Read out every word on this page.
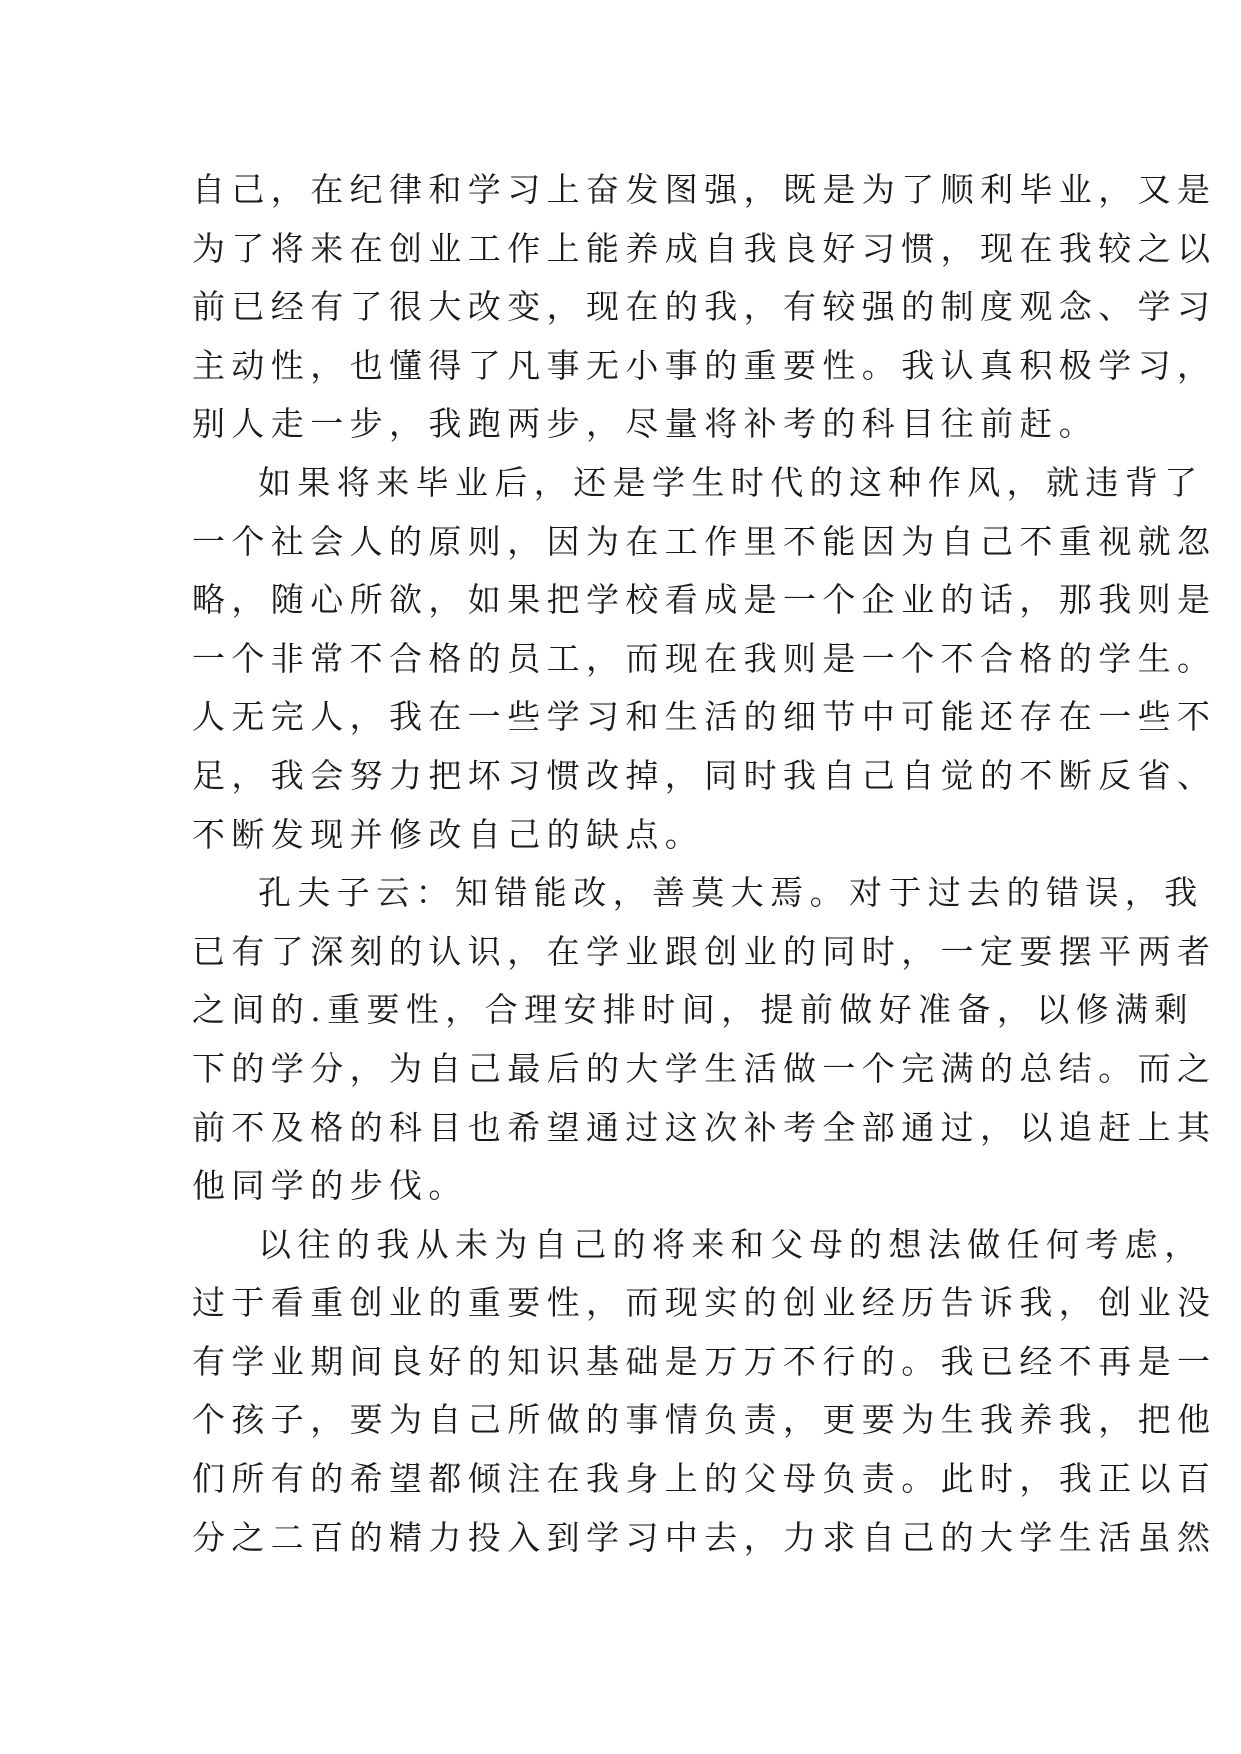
自己，在纪律和学习上奋发图强，既是为了顺利毕业，又是
为了将来在创业工作上能养成自我良好习惯，现在我较之以
前已经有了很大改变，现在的我，有较强的制度观念、学习
主动性，也懂得了凡事无小事的重要性。我认真积极学习，
别人走一步，我跑两步，尽量将补考的科目往前赶。
如果将来毕业后，还是学生时代的这种作风，就违背了
一个社会人的原则，因为在工作里不能因为自己不重视就忽
略，随心所欲，如果把学校看成是一个企业的话，那我则是
一个非常不合格的员工，而现在我则是一个不合格的学生。
人无完人，我在一些学习和生活的细节中可能还存在一些不
足，我会努力把坏习惯改掉，同时我自己自觉的不断反省、
不断发现并修改自己的缺点。
孔夫子云：知错能改，善莫大焉。对于过去的错误，我
已有了深刻的认识，在学业跟创业的同时，一定要摆平两者
之间的.重要性，合理安排时间，提前做好准备，以修满剩
下的学分，为自己最后的大学生活做一个完满的总结。而之
前不及格的科目也希望通过这次补考全部通过，以追赶上其
他同学的步伐。
以往的我从未为自己的将来和父母的想法做任何考虑，
过于看重创业的重要性，而现实的创业经历告诉我，创业没
有学业期间良好的知识基础是万万不行的。我已经不再是一
个孩子，要为自己所做的事情负责，更要为生我养我，把他
们所有的希望都倾注在我身上的父母负责。此时，我正以百
分之二百的精力投入到学习中去，力求自己的大学生活虽然
